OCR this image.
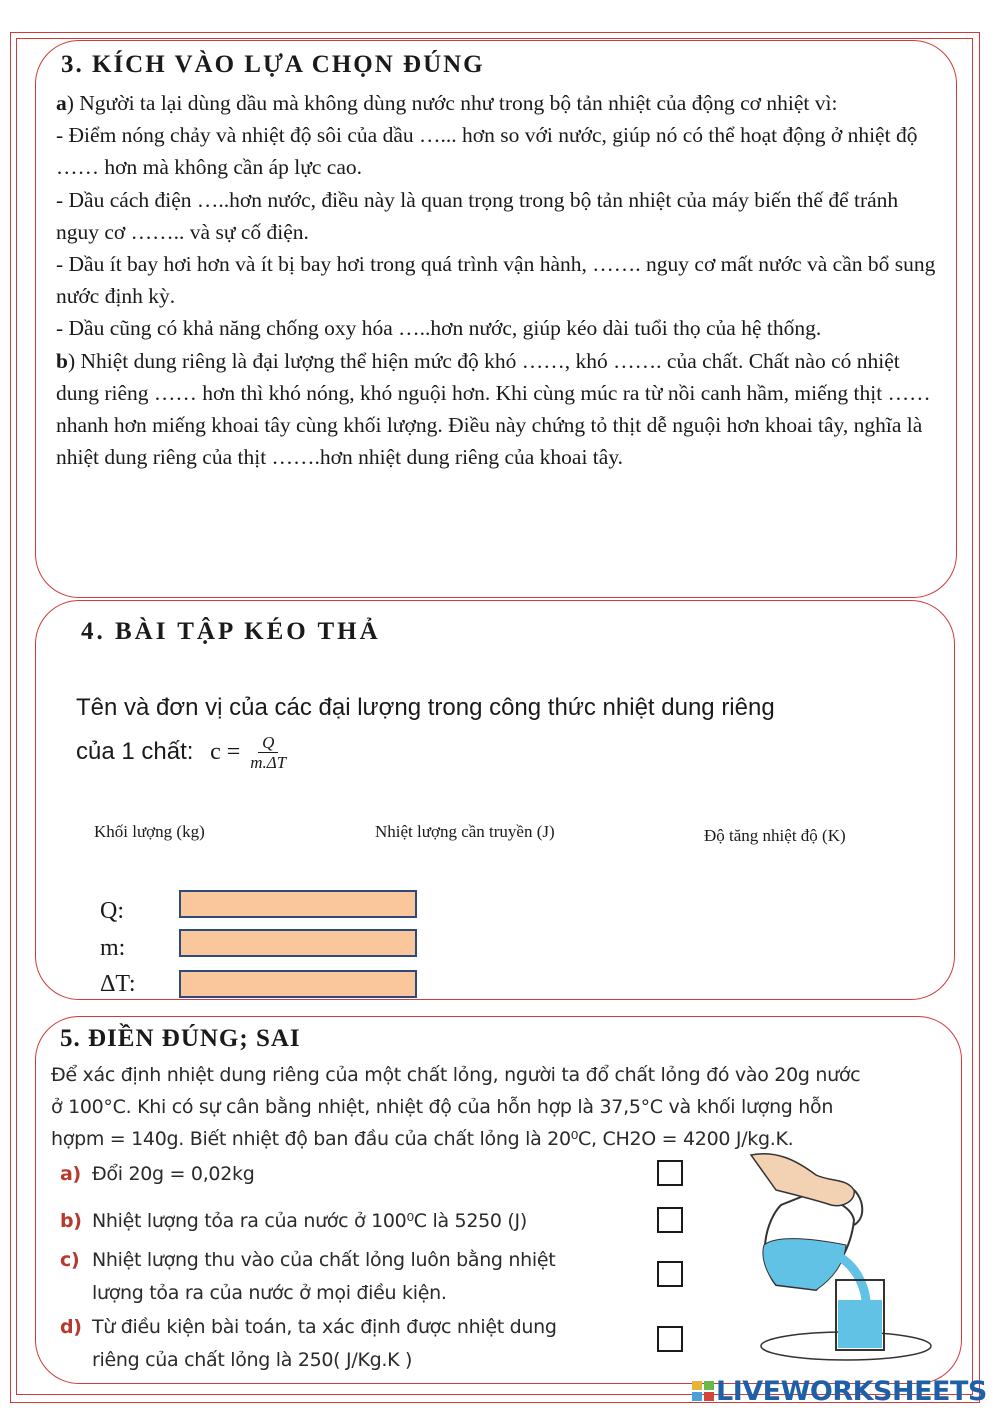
3. KÍCH VÀO LỰA CHỌN ĐÚNG

a) Người ta lại dùng dầu mà không dùng nước như trong bộ tản nhiệt của động cơ nhiệt vì:

- Điểm nóng chảy và nhiệt độ sôi của dầu …... hơn so với nước, giúp nó có thể hoạt động ở nhiệt độ …… hơn mà không cần áp lực cao.

- Dầu cách điện …..hơn nước, điều này là quan trọng trong bộ tản nhiệt của máy biến thế để tránh nguy cơ …….. và sự cố điện.

- Dầu ít bay hơi hơn và ít bị bay hơi trong quá trình vận hành, ……. nguy cơ mất nước và cần bổ sung nước định kỳ.

- Dầu cũng có khả năng chống oxy hóa …..hơn nước, giúp kéo dài tuổi thọ của hệ thống.

b) Nhiệt dung riêng là đại lượng thể hiện mức độ khó ……, khó ……. của chất. Chất nào có nhiệt dung riêng …… hơn thì khó nóng, khó nguội hơn. Khi cùng múc ra từ nồi canh hầm, miếng thịt …… nhanh hơn miếng khoai tây cùng khối lượng. Điều này chứng tỏ thịt dễ nguội hơn khoai tây, nghĩa là nhiệt dung riêng của thịt …….hơn nhiệt dung riêng của khoai tây.

4. BÀI TẬP KÉO THẢ
Tên và đơn vị của các đại lượng trong công thức nhiệt dung riêng
của 1 chất: $c = \frac{Q}{m.\Delta T}$
Khối lượng (kg)	Nhiệt lượng cần truyền (J)	Độ tăng nhiệt độ (K)
Q:
m:
ΔT:
5. ĐIỀN ĐÚNG; SAI
Để xác định nhiệt dung riêng của một chất lỏng, người ta đổ chất lỏng đó vào 20g nước
ở 100°C. Khi có sự cân bằng nhiệt, nhiệt độ của hỗn hợp là 37,5°C và khối lượng hỗn
hợpm = 140g. Biết nhiệt độ ban đầu của chất lỏng là 20⁰C, CH2O = 4200 J/kg.K.
a) Đổi 20g = 0,02kg
b) Nhiệt lượng tỏa ra của nước ở 100⁰C là 5250 (J)
c) Nhiệt lượng thu vào của chất lỏng luôn bằng nhiệt
lượng tỏa ra của nước ở mọi điều kiện.
d) Từ điều kiện bài toán, ta xác định được nhiệt dung
riêng của chất lỏng là 250( J/Kg.K )
LIVEWORKSHEETS
